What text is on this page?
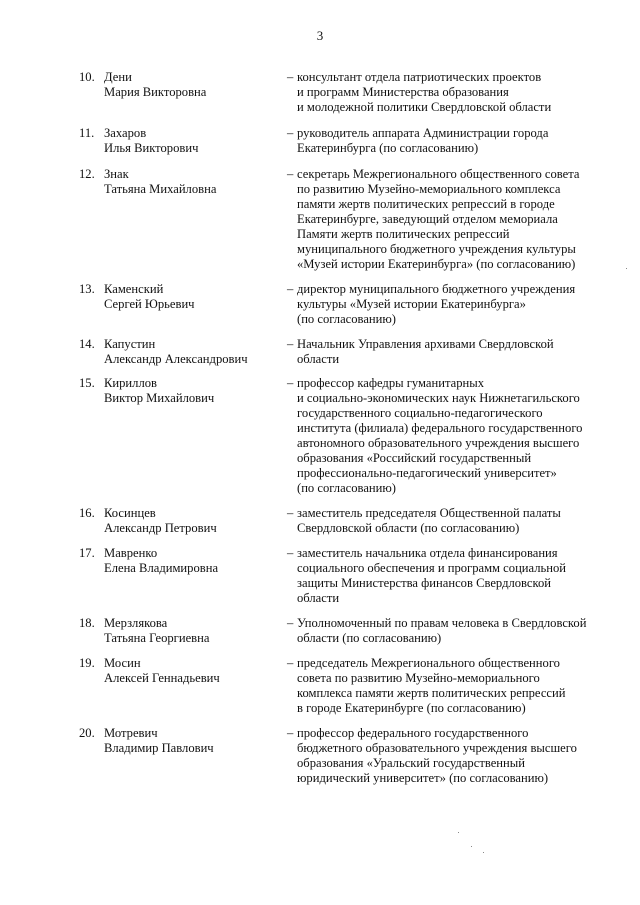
3
10. Дени
Мария Викторовна
– консультант отдела патриотических проектов
и программ Министерства образования
и молодежной политики Свердловской области
11. Захаров
Илья Викторович
– руководитель аппарата Администрации города
Екатеринбурга (по согласованию)
12. Знак
Татьяна Михайловна
– секретарь Межрегионального общественного совета
по развитию Музейно-мемориального комплекса
памяти жертв политических репрессий в городе
Екатеринбурге, заведующий отделом мемориала
Памяти жертв политических репрессий
муниципального бюджетного учреждения культуры
«Музей истории Екатеринбурга» (по согласованию)
13. Каменский
Сергей Юрьевич
– директор муниципального бюджетного учреждения
культуры «Музей истории Екатеринбурга»
(по согласованию)
14. Капустин
Александр Александрович
– Начальник Управления архивами Свердловской
области
15. Кириллов
Виктор Михайлович
– профессор кафедры гуманитарных
и социально-экономических наук Нижнетагильского
государственного социально-педагогического
института (филиала) федерального государственного
автономного образовательного учреждения высшего
образования «Российский государственный
профессионально-педагогический университет»
(по согласованию)
16. Косинцев
Александр Петрович
– заместитель председателя Общественной палаты
Свердловской области (по согласованию)
17. Мавренко
Елена Владимировна
– заместитель начальника отдела финансирования
социального обеспечения и программ социальной
защиты Министерства финансов Свердловской
области
18. Мерзлякова
Татьяна Георгиевна
– Уполномоченный по правам человека в Свердловской
области (по согласованию)
19. Мосин
Алексей Геннадьевич
– председатель Межрегионального общественного
совета по развитию Музейно-мемориального
комплекса памяти жертв политических репрессий
в городе Екатеринбурге (по согласованию)
20. Мотревич
Владимир Павлович
– профессор федерального государственного
бюджетного образовательного учреждения высшего
образования «Уральский государственный
юридический университет» (по согласованию)
